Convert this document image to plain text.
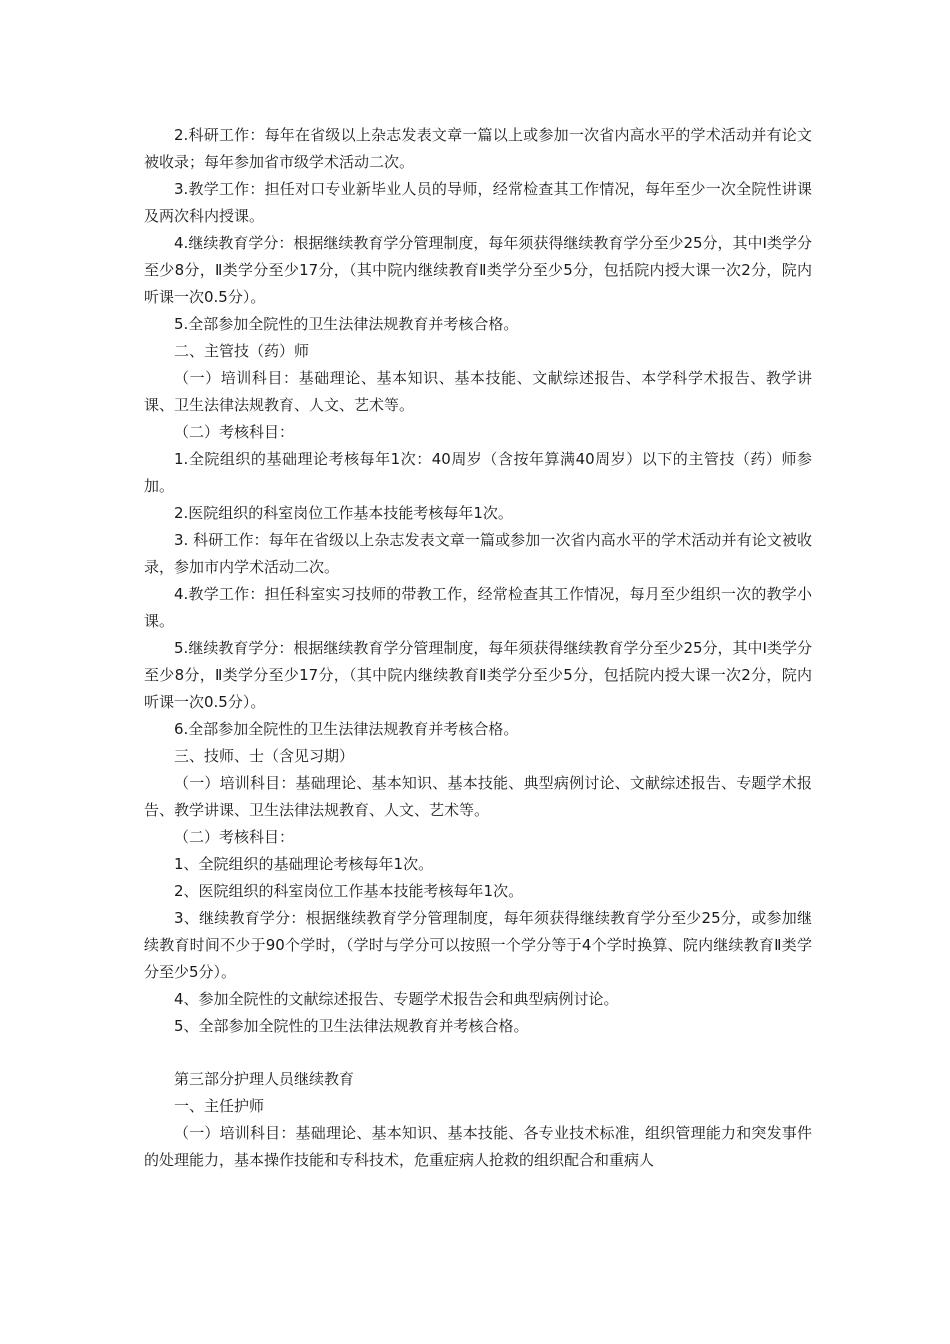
2.科研工作：每年在省级以上杂志发表文章一篇以上或参加一次省内高水平的学术活动并有论文被收录；每年参加省市级学术活动二次。

3.教学工作：担任对口专业新毕业人员的导师，经常检查其工作情况，每年至少一次全院性讲课及两次科内授课。

4.继续教育学分：根据继续教育学分管理制度，每年须获得继续教育学分至少25分，其中Ⅰ类学分至少8分，Ⅱ类学分至少17分，（其中院内继续教育Ⅱ类学分至少5分，包括院内授大课一次2分，院内听课一次0.5分）。

5.全部参加全院性的卫生法律法规教育并考核合格。

二、主管技（药）师

（一）培训科目：基础理论、基本知识、基本技能、文献综述报告、本学科学术报告、教学讲课、卫生法律法规教育、人文、艺术等。

（二）考核科目：

1.全院组织的基础理论考核每年1次：40周岁（含按年算满40周岁）以下的主管技（药）师参加。

2.医院组织的科室岗位工作基本技能考核每年1次。

3. 科研工作：每年在省级以上杂志发表文章一篇或参加一次省内高水平的学术活动并有论文被收录，参加市内学术活动二次。

4.教学工作：担任科室实习技师的带教工作，经常检查其工作情况，每月至少组织一次的教学小课。

5.继续教育学分：根据继续教育学分管理制度，每年须获得继续教育学分至少25分，其中Ⅰ类学分至少8分，Ⅱ类学分至少17分，（其中院内继续教育Ⅱ类学分至少5分，包括院内授大课一次2分，院内听课一次0.5分）。

6.全部参加全院性的卫生法律法规教育并考核合格。

三、技师、士（含见习期）

（一）培训科目：基础理论、基本知识、基本技能、典型病例讨论、文献综述报告、专题学术报告、教学讲课、卫生法律法规教育、人文、艺术等。

（二）考核科目：

1、全院组织的基础理论考核每年1次。

2、医院组织的科室岗位工作基本技能考核每年1次。

3、继续教育学分：根据继续教育学分管理制度，每年须获得继续教育学分至少25分，或参加继续教育时间不少于90个学时，（学时与学分可以按照一个学分等于4个学时换算、院内继续教育Ⅱ类学分至少5分）。

4、参加全院性的文献综述报告、专题学术报告会和典型病例讨论。

5、全部参加全院性的卫生法律法规教育并考核合格。

第三部分护理人员继续教育

一、主任护师

（一）培训科目：基础理论、基本知识、基本技能、各专业技术标准，组织管理能力和突发事件的处理能力，基本操作技能和专科技术，危重症病人抢救的组织配合和重病人
